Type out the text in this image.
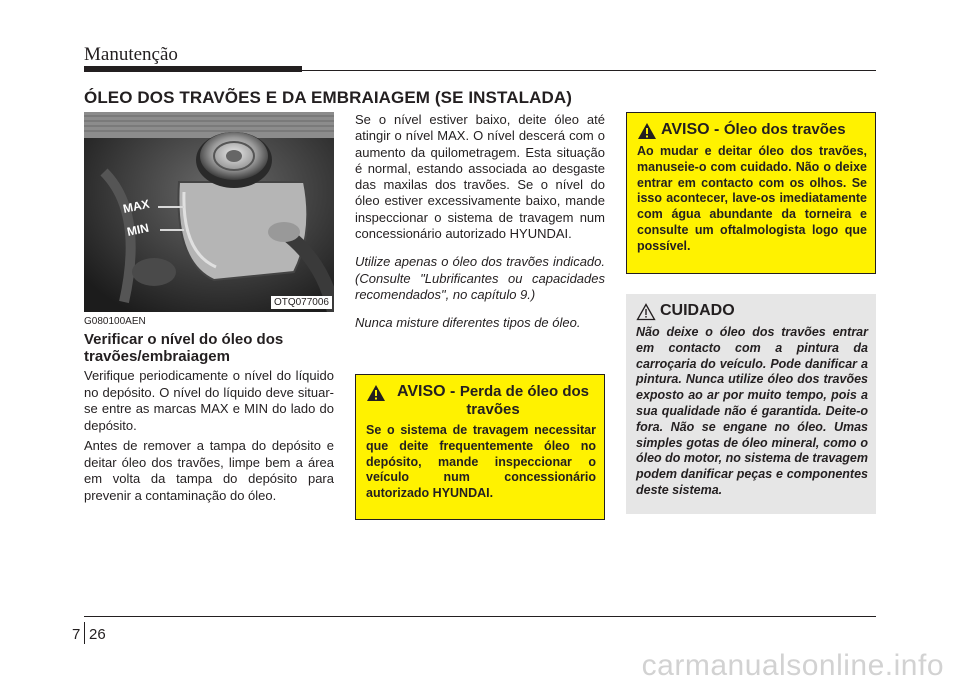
Manutenção
ÓLEO DOS TRAVÕES E DA EMBRAIAGEM (SE INSTALADA)
MAX
MIN
OTQ077006
G080100AEN
Verificar o nível do óleo dos travões/embraiagem

Verifique periodicamente o nível do líquido no depósito. O nível do líquido deve situar-se entre as marcas MAX e MIN do lado do depósito.

Antes de remover a tampa do depósito e deitar óleo dos travões, limpe bem a área em volta da tampa do depósito para prevenir a contaminação do óleo.

Se o nível estiver baixo, deite óleo até atingir o nível MAX. O nível descerá com o aumento da quilometragem. Esta situação é normal, estando associada ao desgaste das maxilas dos travões. Se o nível do óleo estiver excessivamente baixo, mande inspeccionar o sistema de travagem num concessionário autorizado HYUNDAI.

Utilize apenas o óleo dos travões indicado. (Consulte "Lubrificantes ou capacidades recomendados", no capítulo 9.)

Nunca misture diferentes tipos de óleo.

AVISO - Óleo dos travões
Ao mudar e deitar óleo dos travões, manuseie-o com cuidado. Não o deixe entrar em contacto com os olhos. Se isso acontecer, lave-os imediatamente com água abundante da torneira e consulte um oftalmologista logo que possível.
AVISO - Perda de óleo dos travões
Se o sistema de travagem necessitar que deite frequentemente óleo no depósito, mande inspeccionar o veículo num concessionário autorizado HYUNDAI.
CUIDADO
Não deixe o óleo dos travões entrar em contacto com a pintura da carroçaria do veículo. Pode danificar a pintura. Nunca utilize óleo dos travões exposto ao ar por muito tempo, pois a sua qualidade não é garantida. Deite-o fora. Não se engane no óleo. Umas simples gotas de óleo mineral, como o óleo do motor, no sistema de travagem podem danificar peças e componentes deste sistema.
7 26
carmanualsonline.info
